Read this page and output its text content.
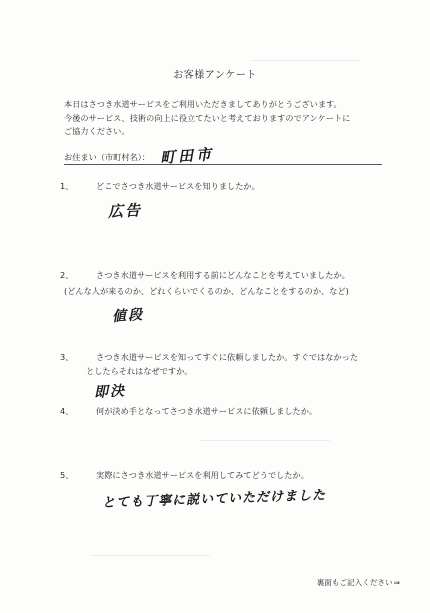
お客様アンケート
本日はさつき水道サービスをご利用いただきましてありがとうございます。
今後のサービス、技術の向上に役立てたいと考えておりますのでアンケートに
ご協力ください。
お住まい（市町村名）： 町田市
1、	どこでさつき水道サービスを知りましたか。
広告
2、	さつき水道サービスを利用する前にどんなことを考えていましたか。
(どんな人が来るのか、どれくらいでくるのか、どんなことをするのか、など)
値段
3、	さつき水道サービスを知ってすぐに依頼しましたか。すぐではなかった
としたらそれはなぜですか。
即決
4、	何が決め手となってさつき水道サービスに依頼しましたか。
5、	実際にさつき水道サービスを利用してみてどうでしたか。
とても丁寧に説いていただけました
裏面もご記入ください⇒
